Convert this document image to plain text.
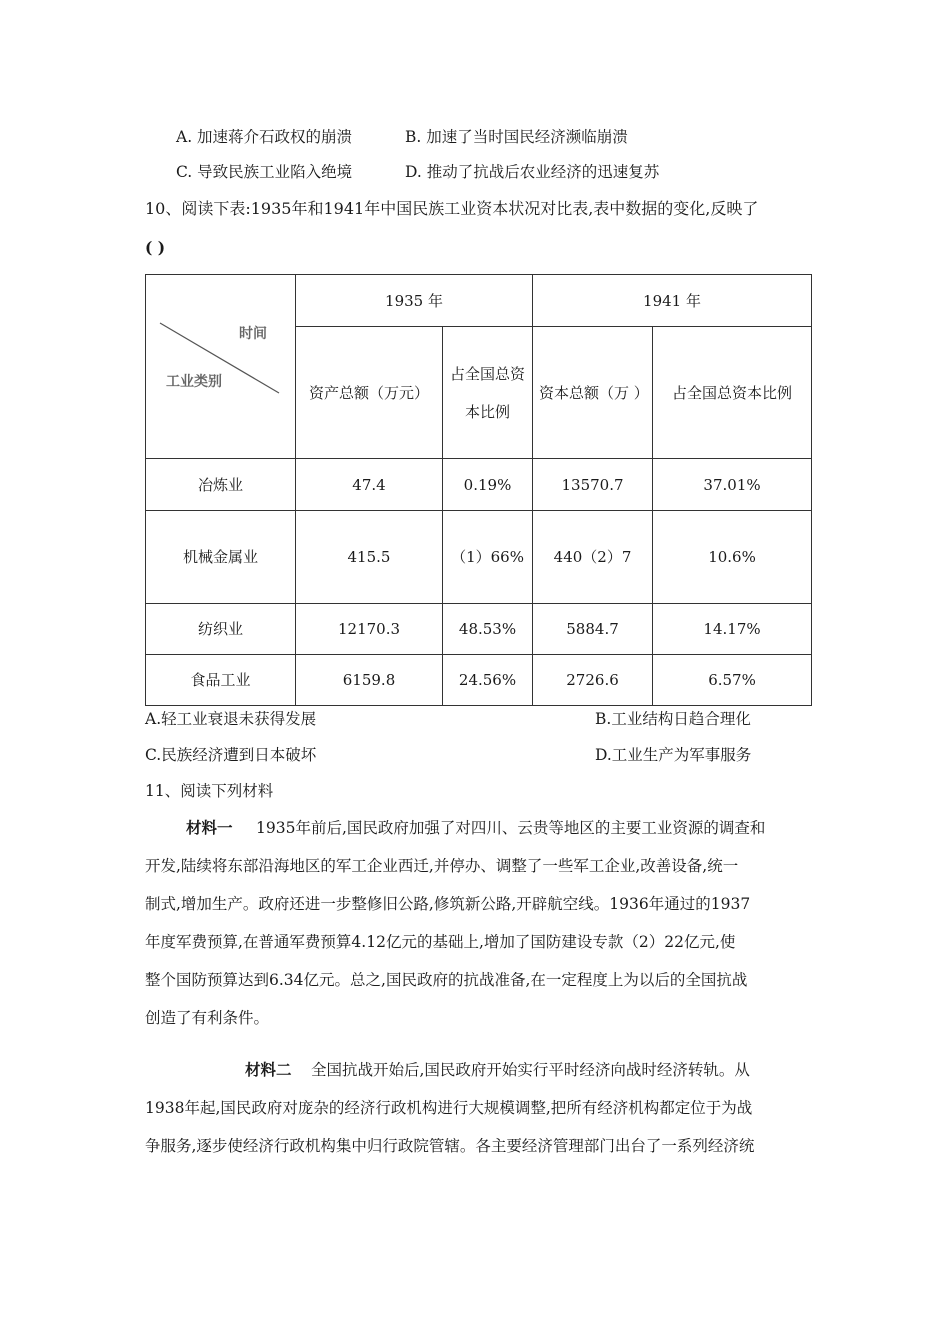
A. 加速蒋介石政权的崩溃	B. 加速了当时国民经济濒临崩溃
C. 导致民族工业陷入绝境	D. 推动了抗战后农业经济的迅速复苏
10、阅读下表:1935年和1941年中国民族工业资本状况对比表,表中数据的变化,反映了
( )
时间
工业类别	1935 年		1941 年	
	资产总额（万元）	占全国总资本比例	资本总额（万 ）	占全国总资本比例
冶炼业	47.4	0.19%	13570.7	37.01%
机械金属业	415.5	（1）66%	440（2）7	10.6%
纺织业	12170.3	48.53%	5884.7	14.17%
食品工业	6159.8	24.56%	2726.6	6.57%
A.轻工业衰退未获得发展	B.工业结构日趋合理化
C.民族经济遭到日本破坏	D.工业生产为军事服务
11、阅读下列材料
材料一 1935年前后,国民政府加强了对四川、云贵等地区的主要工业资源的调查和
开发,陆续将东部沿海地区的军工企业西迁,并停办、调整了一些军工企业,改善设备,统一
制式,增加生产。政府还进一步整修旧公路,修筑新公路,开辟航空线。1936年通过的1937
年度军费预算,在普通军费预算4.12亿元的基础上,增加了国防建设专款（2）22亿元,使
整个国防预算达到6.34亿元。总之,国民政府的抗战准备,在一定程度上为以后的全国抗战
创造了有利条件。
材料二 全国抗战开始后,国民政府开始实行平时经济向战时经济转轨。从
1938年起,国民政府对庞杂的经济行政机构进行大规模调整,把所有经济机构都定位于为战
争服务,逐步使经济行政机构集中归行政院管辖。各主要经济管理部门出台了一系列经济统
